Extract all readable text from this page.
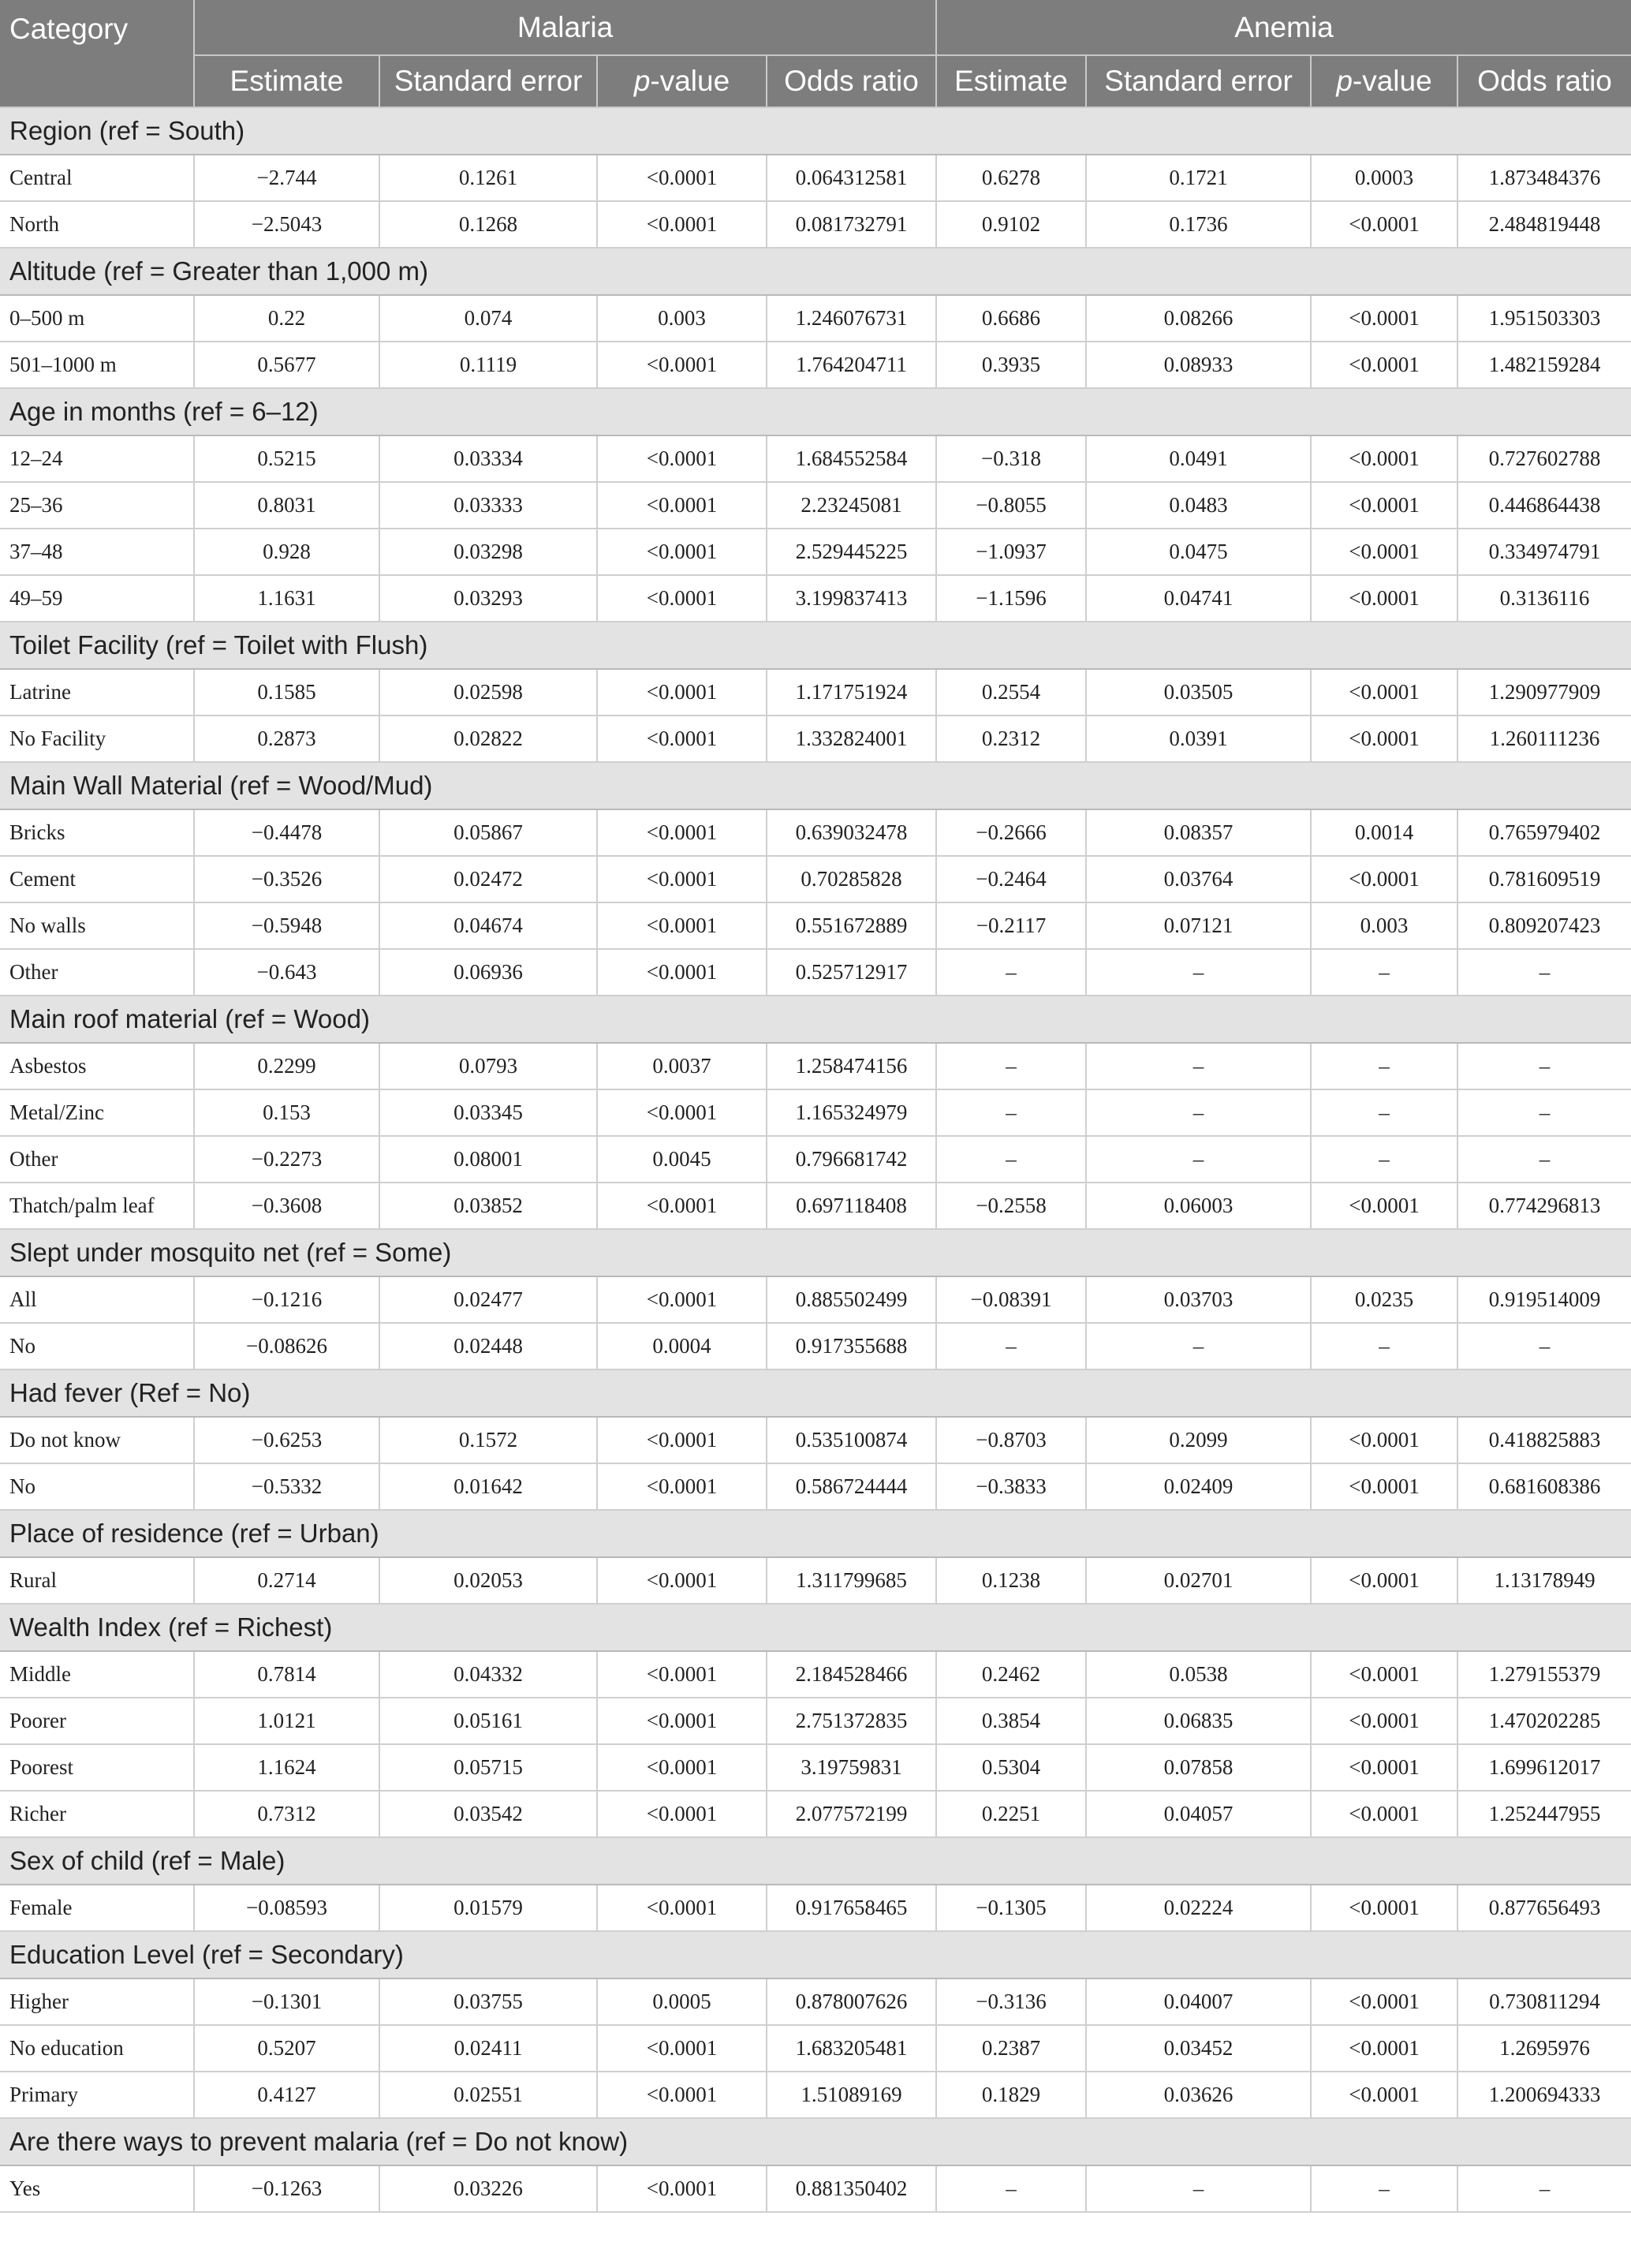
Category	Malaria				Anemia			
	Estimate	Standard error	p-value	Odds ratio	Estimate	Standard error	p-value	Odds ratio
Region (ref = South)								
Central	−2.744	0.1261	<0.0001	0.064312581	0.6278	0.1721	0.0003	1.873484376
North	−2.5043	0.1268	<0.0001	0.081732791	0.9102	0.1736	<0.0001	2.484819448
Altitude (ref = Greater than 1,000 m)								
0–500 m	0.22	0.074	0.003	1.246076731	0.6686	0.08266	<0.0001	1.951503303
501–1000 m	0.5677	0.1119	<0.0001	1.764204711	0.3935	0.08933	<0.0001	1.482159284
Age in months (ref = 6–12)								
12–24	0.5215	0.03334	<0.0001	1.684552584	−0.318	0.0491	<0.0001	0.727602788
25–36	0.8031	0.03333	<0.0001	2.23245081	−0.8055	0.0483	<0.0001	0.446864438
37–48	0.928	0.03298	<0.0001	2.529445225	−1.0937	0.0475	<0.0001	0.334974791
49–59	1.1631	0.03293	<0.0001	3.199837413	−1.1596	0.04741	<0.0001	0.3136116
Toilet Facility (ref = Toilet with Flush)								
Latrine	0.1585	0.02598	<0.0001	1.171751924	0.2554	0.03505	<0.0001	1.290977909
No Facility	0.2873	0.02822	<0.0001	1.332824001	0.2312	0.0391	<0.0001	1.260111236
Main Wall Material (ref = Wood/Mud)								
Bricks	−0.4478	0.05867	<0.0001	0.639032478	−0.2666	0.08357	0.0014	0.765979402
Cement	−0.3526	0.02472	<0.0001	0.70285828	−0.2464	0.03764	<0.0001	0.781609519
No walls	−0.5948	0.04674	<0.0001	0.551672889	−0.2117	0.07121	0.003	0.809207423
Other	−0.643	0.06936	<0.0001	0.525712917	–	–	–	–
Main roof material (ref = Wood)								
Asbestos	0.2299	0.0793	0.0037	1.258474156	–	–	–	–
Metal/Zinc	0.153	0.03345	<0.0001	1.165324979	–	–	–	–
Other	−0.2273	0.08001	0.0045	0.796681742	–	–	–	–
Thatch/palm leaf	−0.3608	0.03852	<0.0001	0.697118408	−0.2558	0.06003	<0.0001	0.774296813
Slept under mosquito net (ref = Some)								
All	−0.1216	0.02477	<0.0001	0.885502499	−0.08391	0.03703	0.0235	0.919514009
No	−0.08626	0.02448	0.0004	0.917355688	–	–	–	–
Had fever (Ref = No)								
Do not know	−0.6253	0.1572	<0.0001	0.535100874	−0.8703	0.2099	<0.0001	0.418825883
No	−0.5332	0.01642	<0.0001	0.586724444	−0.3833	0.02409	<0.0001	0.681608386
Place of residence (ref = Urban)								
Rural	0.2714	0.02053	<0.0001	1.311799685	0.1238	0.02701	<0.0001	1.13178949
Wealth Index (ref = Richest)								
Middle	0.7814	0.04332	<0.0001	2.184528466	0.2462	0.0538	<0.0001	1.279155379
Poorer	1.0121	0.05161	<0.0001	2.751372835	0.3854	0.06835	<0.0001	1.470202285
Poorest	1.1624	0.05715	<0.0001	3.19759831	0.5304	0.07858	<0.0001	1.699612017
Richer	0.7312	0.03542	<0.0001	2.077572199	0.2251	0.04057	<0.0001	1.252447955
Sex of child (ref = Male)								
Female	−0.08593	0.01579	<0.0001	0.917658465	−0.1305	0.02224	<0.0001	0.877656493
Education Level (ref = Secondary)								
Higher	−0.1301	0.03755	0.0005	0.878007626	−0.3136	0.04007	<0.0001	0.730811294
No education	0.5207	0.02411	<0.0001	1.683205481	0.2387	0.03452	<0.0001	1.2695976
Primary	0.4127	0.02551	<0.0001	1.51089169	0.1829	0.03626	<0.0001	1.200694333
Are there ways to prevent malaria (ref = Do not know)								
Yes	−0.1263	0.03226	<0.0001	0.881350402	–	–	–	–
